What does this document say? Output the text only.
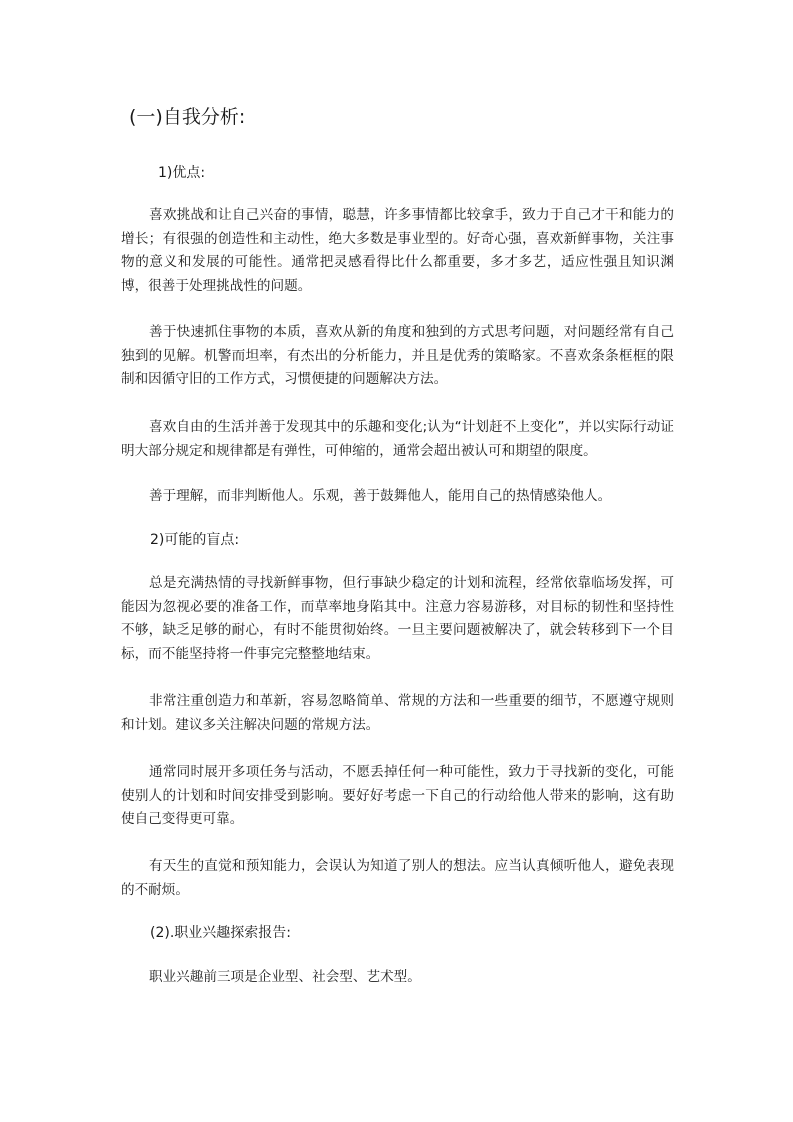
(一)自我分析:
1)优点:
喜欢挑战和让自己兴奋的事情，聪慧，许多事情都比较拿手，致力于自己才干和能力的增长；有很强的创造性和主动性，绝大多数是事业型的。好奇心强，喜欢新鲜事物，关注事物的意义和发展的可能性。通常把灵感看得比什么都重要，多才多艺，适应性强且知识渊博，很善于处理挑战性的问题。
善于快速抓住事物的本质，喜欢从新的角度和独到的方式思考问题，对问题经常有自己独到的见解。机警而坦率，有杰出的分析能力，并且是优秀的策略家。不喜欢条条框框的限制和因循守旧的工作方式，习惯便捷的问题解决方法。
喜欢自由的生活并善于发现其中的乐趣和变化;认为“计划赶不上变化”，并以实际行动证明大部分规定和规律都是有弹性，可伸缩的，通常会超出被认可和期望的限度。
善于理解，而非判断他人。乐观，善于鼓舞他人，能用自己的热情感染他人。
2)可能的盲点:
总是充满热情的寻找新鲜事物，但行事缺少稳定的计划和流程，经常依靠临场发挥，可能因为忽视必要的准备工作，而草率地身陷其中。注意力容易游移，对目标的韧性和坚持性不够，缺乏足够的耐心，有时不能贯彻始终。一旦主要问题被解决了，就会转移到下一个目标，而不能坚持将一件事完完整整地结束。
非常注重创造力和革新，容易忽略简单、常规的方法和一些重要的细节，不愿遵守规则和计划。建议多关注解决问题的常规方法。
通常同时展开多项任务与活动，不愿丢掉任何一种可能性，致力于寻找新的变化，可能使别人的计划和时间安排受到影响。要好好考虑一下自己的行动给他人带来的影响，这有助使自己变得更可靠。
有天生的直觉和预知能力，会误认为知道了别人的想法。应当认真倾听他人，避免表现的不耐烦。
(2).职业兴趣探索报告:
职业兴趣前三项是企业型、社会型、艺术型。
